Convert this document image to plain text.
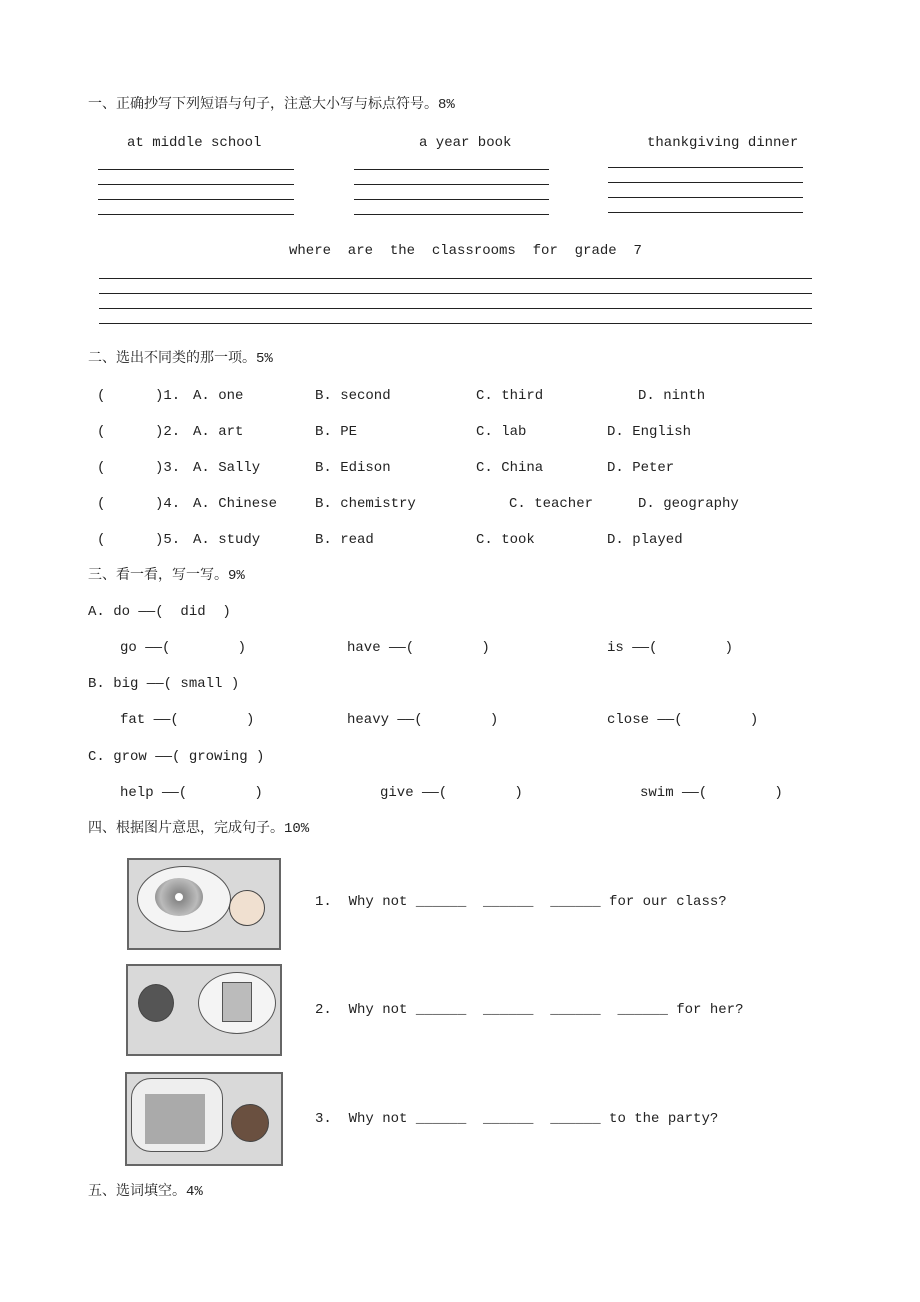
一、正确抄写下列短语与句子，注意大小写与标点符号。8%
at middle school	a year book	thankgiving dinner
where  are  the  classrooms  for  grade  7
二、选出不同类的那一项。5%
(	)1. A. one	B. second	C. third	D. ninth
(	)2. A. art	B. PE	C. lab	D. English
(	)3. A. Sally	B. Edison	C. China	D. Peter
(	)4. A. Chinese	B. chemistry	C. teacher	D. geography
(	)5. A. study	B. read	C. took	D. played
三、看一看，写一写。9%
A. do ——(  did  )
go ——(        )	have ——(        )	is ——(        )
B. big ——( small )
fat ——(        )	heavy ——(        )	close ——(        )
C. grow ——( growing )
help ——(        )	give ——(        )	swim ——(        )
四、根据图片意思，完成句子。10%
1.  Why not ______  ______  ______ for our class?
2.  Why not ______  ______  ______  ______ for her?
3.  Why not ______  ______  ______ to the party?
五、选词填空。4%
